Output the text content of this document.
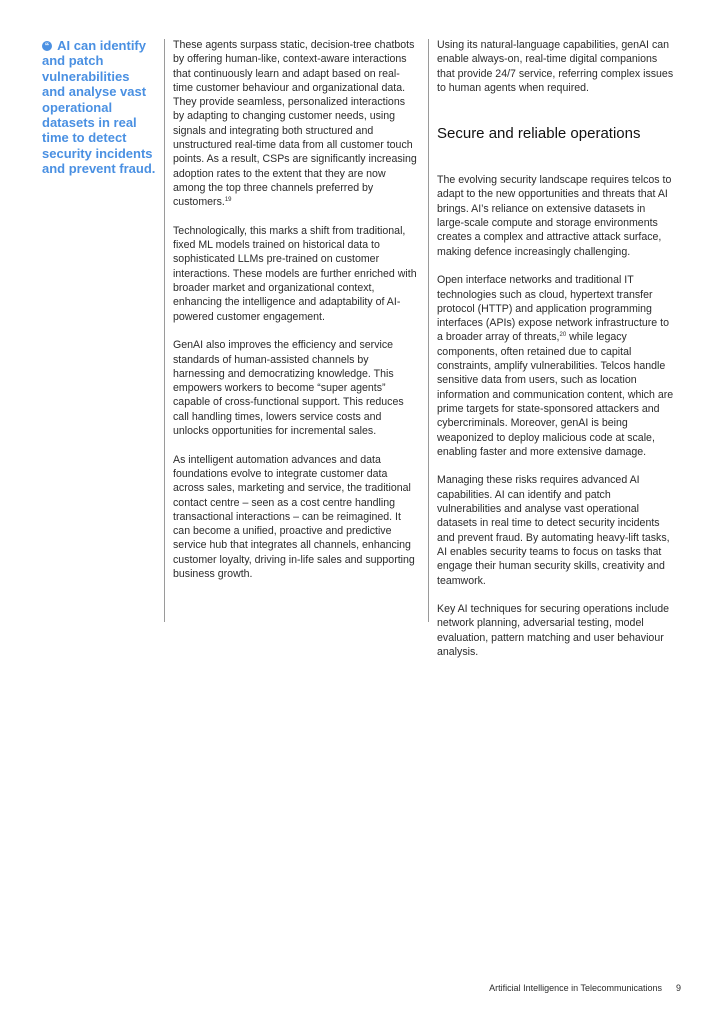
“ AI can identify and patch vulnerabilities and analyse vast operational datasets in real time to detect security incidents and prevent fraud.

These agents surpass static, decision-tree chatbots by offering human-like, context-aware interactions that continuously learn and adapt based on real-time customer behaviour and organizational data. They provide seamless, personalized interactions by adapting to changing customer needs, using signals and integrating both structured and unstructured real-time data from all customer touch points. As a result, CSPs are significantly increasing adoption rates to the extent that they are now among the top three channels preferred by customers.$^{19}$

Technologically, this marks a shift from traditional, fixed ML models trained on historical data to sophisticated LLMs pre-trained on customer interactions. These models are further enriched with broader market and organizational context, enhancing the intelligence and adaptability of AI-powered customer engagement.

GenAI also improves the efficiency and service standards of human-assisted channels by harnessing and democratizing knowledge. This empowers workers to become “super agents” capable of cross-functional support. This reduces call handling times, lowers service costs and unlocks opportunities for incremental sales.

As intelligent automation advances and data foundations evolve to integrate customer data across sales, marketing and service, the traditional contact centre – seen as a cost centre handling transactional interactions – can be reimagined. It can become a unified, proactive and predictive service hub that integrates all channels, enhancing customer loyalty, driving in-life sales and supporting business growth.

Using its natural-language capabilities, genAI can enable always-on, real-time digital companions that provide 24/7 service, referring complex issues to human agents when required.

Secure and reliable operations

The evolving security landscape requires telcos to adapt to the new opportunities and threats that AI brings. AI’s reliance on extensive datasets in large-scale compute and storage environments creates a complex and attractive attack surface, making defence increasingly challenging.

Open interface networks and traditional IT technologies such as cloud, hypertext transfer protocol (HTTP) and application programming interfaces (APIs) expose network infrastructure to a broader array of threats,$^{20}$ while legacy components, often retained due to capital constraints, amplify vulnerabilities. Telcos handle sensitive data from users, such as location information and communication content, which are prime targets for state-sponsored attackers and cybercriminals. Moreover, genAI is being weaponized to deploy malicious code at scale, enabling faster and more extensive damage.

Managing these risks requires advanced AI capabilities. AI can identify and patch vulnerabilities and analyse vast operational datasets in real time to detect security incidents and prevent fraud. By automating heavy-lift tasks, AI enables security teams to focus on tasks that engage their human security skills, creativity and teamwork.

Key AI techniques for securing operations include network planning, adversarial testing, model evaluation, pattern matching and user behaviour analysis.

Artificial Intelligence in Telecommunications 9
